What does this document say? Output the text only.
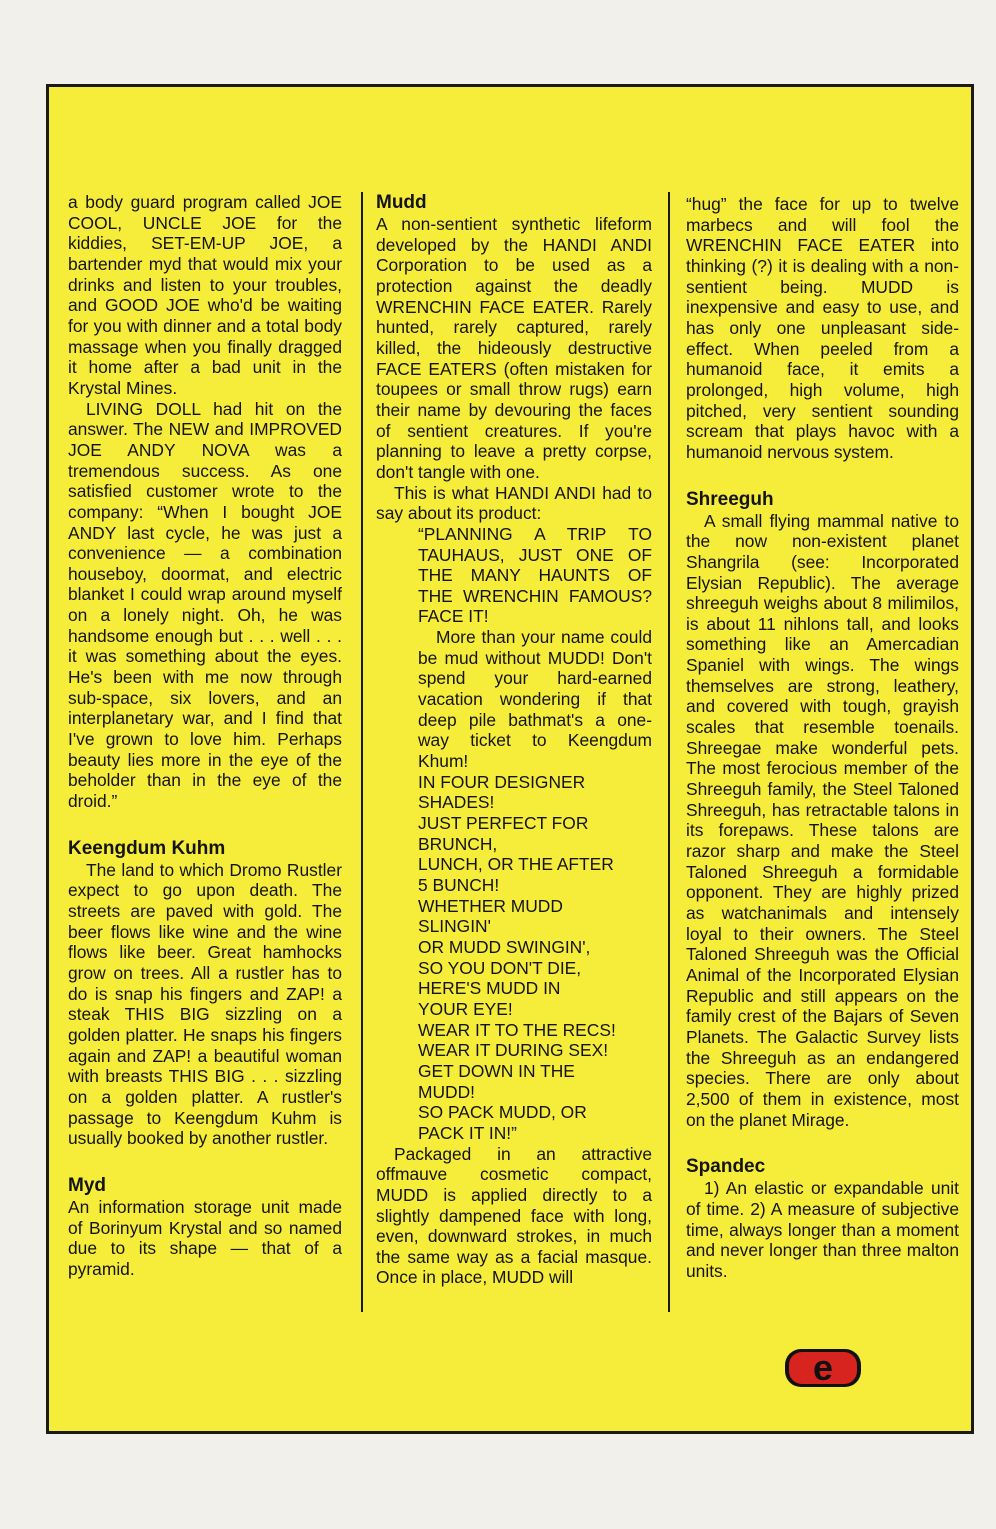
a body guard program called JOE COOL, UNCLE JOE for the kiddies, SET-EM-UP JOE, a bartender myd that would mix your drinks and listen to your troubles, and GOOD JOE who'd be waiting for you with dinner and a total body massage when you finally dragged it home after a bad unit in the Krystal Mines.

LIVING DOLL had hit on the answer. The NEW and IMPROVED JOE ANDY NOVA was a tremendous success. As one satisfied customer wrote to the company: “When I bought JOE ANDY last cycle, he was just a convenience — a combination houseboy, doormat, and electric blanket I could wrap around myself on a lonely night. Oh, he was handsome enough but . . . well . . . it was something about the eyes. He's been with me now through sub-space, six lovers, and an interplanetary war, and I find that I've grown to love him. Perhaps beauty lies more in the eye of the beholder than in the eye of the droid.”

Keengdum Kuhm

The land to which Dromo Rustler expect to go upon death. The streets are paved with gold. The beer flows like wine and the wine flows like beer. Great hamhocks grow on trees. All a rustler has to do is snap his fingers and ZAP! a steak THIS BIG sizzling on a golden platter. He snaps his fingers again and ZAP! a beautiful woman with breasts THIS BIG . . . sizzling on a golden platter. A rustler's passage to Keengdum Kuhm is usually booked by another rustler.

Myd

An information storage unit made of Borinyum Krystal and so named due to its shape — that of a pyramid.

Mudd

A non-sentient synthetic lifeform developed by the HANDI ANDI Corporation to be used as a protection against the deadly WRENCHIN FACE EATER. Rarely hunted, rarely captured, rarely killed, the hideously destructive FACE EATERS (often mistaken for toupees or small throw rugs) earn their name by devouring the faces of sentient creatures. If you're planning to leave a pretty corpse, don't tangle with one.

This is what HANDI ANDI had to say about its product:

“PLANNING A TRIP TO TAUHAUS, JUST ONE OF THE MANY HAUNTS OF THE WRENCHIN FAMOUS? FACE IT!

More than your name could be mud without MUDD! Don't spend your hard-earned vacation wondering if that deep pile bathmat's a one-way ticket to Keengdum Khum!

IN FOUR DESIGNER

SHADES!

JUST PERFECT FOR

BRUNCH,

LUNCH, OR THE AFTER

5 BUNCH!

WHETHER MUDD

SLINGIN'

OR MUDD SWINGIN',

SO YOU DON'T DIE,

HERE'S MUDD IN

YOUR EYE!

WEAR IT TO THE RECS!

WEAR IT DURING SEX!

GET DOWN IN THE

MUDD!

SO PACK MUDD, OR

PACK IT IN!”

Packaged in an attractive offmauve cosmetic compact, MUDD is applied directly to a slightly dampened face with long, even, downward strokes, in much the same way as a facial masque. Once in place, MUDD will

“hug” the face for up to twelve marbecs and will fool the WRENCHIN FACE EATER into thinking (?) it is dealing with a non-sentient being. MUDD is inexpensive and easy to use, and has only one unpleasant side-effect. When peeled from a humanoid face, it emits a prolonged, high volume, high pitched, very sentient sounding scream that plays havoc with a humanoid nervous system.

Shreeguh

A small flying mammal native to the now non-existent planet Shangrila (see: Incorporated Elysian Republic). The average shreeguh weighs about 8 milimilos, is about 11 nihlons tall, and looks something like an Amercadian Spaniel with wings. The wings themselves are strong, leathery, and covered with tough, grayish scales that resemble toenails. Shreegae make wonderful pets. The most ferocious member of the Shreeguh family, the Steel Taloned Shreeguh, has retractable talons in its forepaws. These talons are razor sharp and make the Steel Taloned Shreeguh a formidable opponent. They are highly prized as watchanimals and intensely loyal to their owners. The Steel Taloned Shreeguh was the Official Animal of the Incorporated Elysian Republic and still appears on the family crest of the Bajars of Seven Planets. The Galactic Survey lists the Shreeguh as an endangered species. There are only about 2,500 of them in existence, most on the planet Mirage.

Spandec

1) An elastic or expandable unit of time. 2) A measure of subjective time, always longer than a moment and never longer than three malton units.

e
